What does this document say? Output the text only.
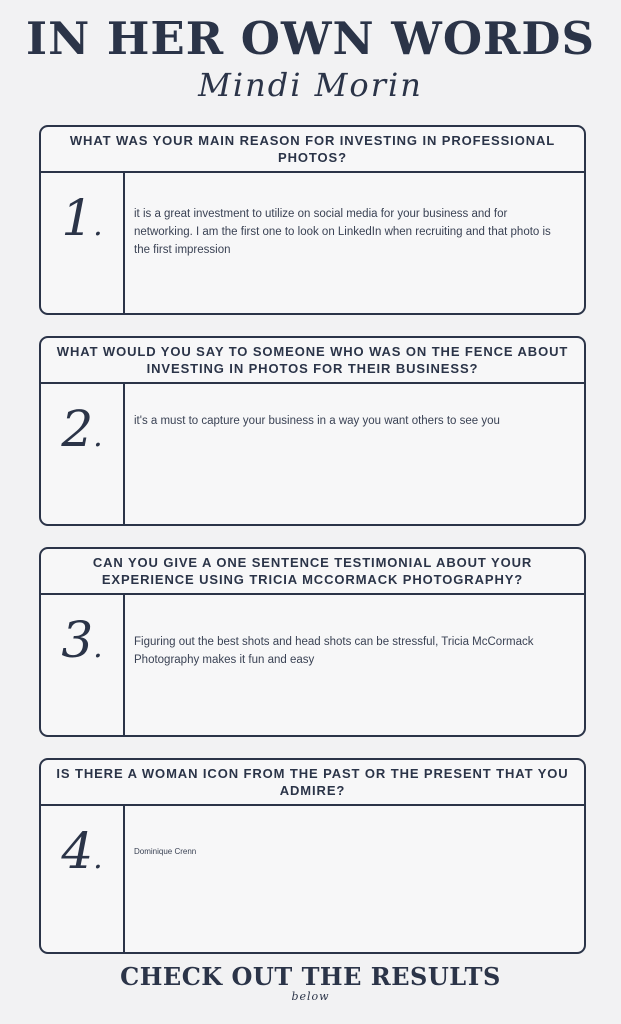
IN HER OWN WORDS
Mindi Morin
WHAT WAS YOUR MAIN REASON FOR INVESTING IN PROFESSIONAL PHOTOS?
1.	it is a great investment to utilize on social media for your business and for networking. I am the first one to look on LinkedIn when recruiting and that photo is the first impression
WHAT WOULD YOU SAY TO SOMEONE WHO WAS ON THE FENCE ABOUT INVESTING IN PHOTOS FOR THEIR BUSINESS?
2.	it's a must to capture your business in a way you want others to see you
CAN YOU GIVE A ONE SENTENCE TESTIMONIAL ABOUT YOUR EXPERIENCE USING TRICIA MCCORMACK PHOTOGRAPHY?
3.	Figuring out the best shots and head shots can be stressful, Tricia McCormack Photography makes it fun and easy
IS THERE A WOMAN ICON FROM THE PAST OR THE PRESENT THAT YOU ADMIRE?
4.	Dominique Crenn
CHECK OUT THE RESULTS
below
